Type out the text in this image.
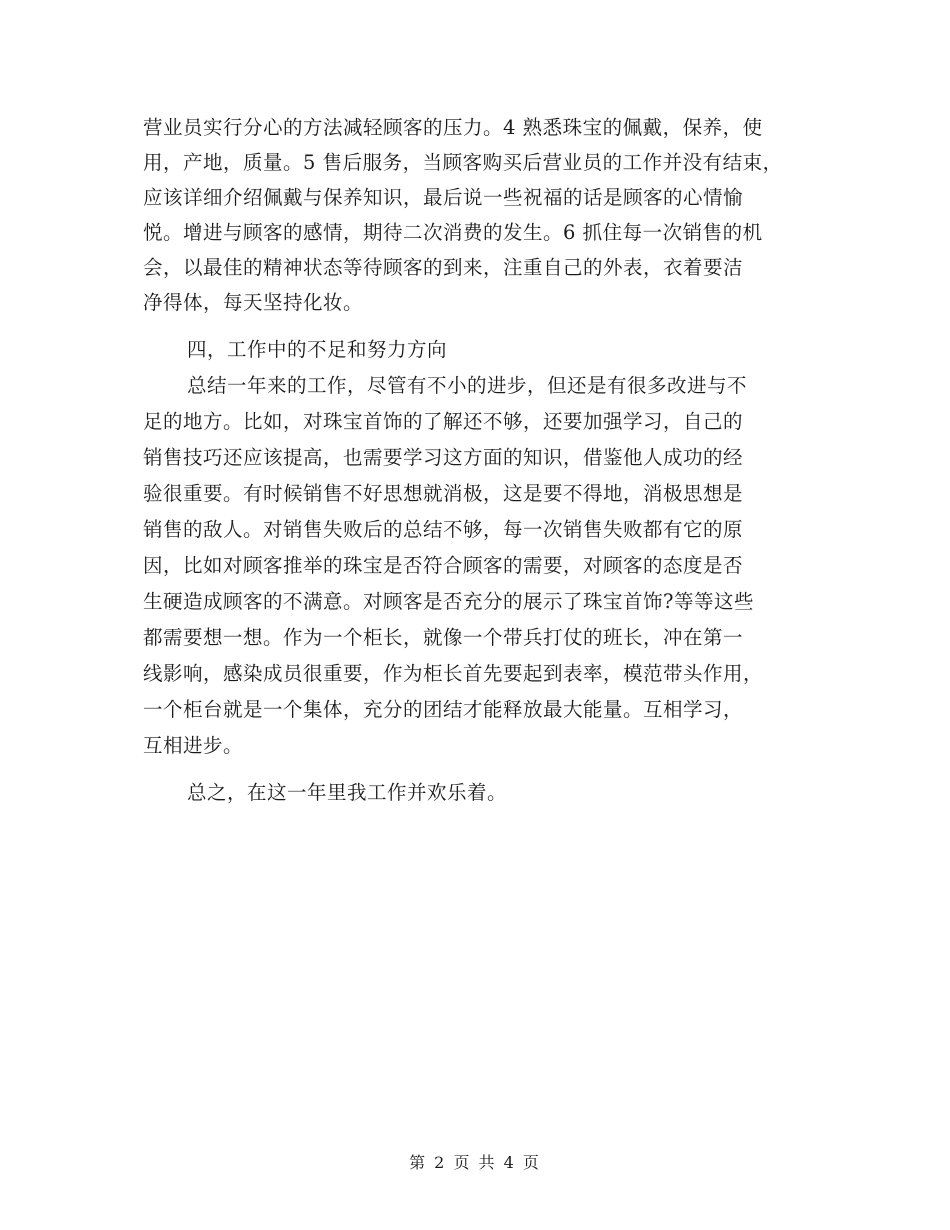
营业员实行分心的方法减轻顾客的压力。4 熟悉珠宝的佩戴，保养，使
用，产地，质量。5 售后服务，当顾客购买后营业员的工作并没有结束，
应该详细介绍佩戴与保养知识，最后说一些祝福的话是顾客的心情愉
悦。增进与顾客的感情，期待二次消费的发生。6 抓住每一次销售的机
会，以最佳的精神状态等待顾客的到来，注重自己的外表，衣着要洁
净得体，每天坚持化妆。
四，工作中的不足和努力方向
总结一年来的工作，尽管有不小的进步，但还是有很多改进与不
足的地方。比如，对珠宝首饰的了解还不够，还要加强学习，自己的
销售技巧还应该提高，也需要学习这方面的知识，借鉴他人成功的经
验很重要。有时候销售不好思想就消极，这是要不得地，消极思想是
销售的敌人。对销售失败后的总结不够，每一次销售失败都有它的原
因，比如对顾客推举的珠宝是否符合顾客的需要，对顾客的态度是否
生硬造成顾客的不满意。对顾客是否充分的展示了珠宝首饰?等等这些
都需要想一想。作为一个柜长，就像一个带兵打仗的班长，冲在第一
线影响，感染成员很重要，作为柜长首先要起到表率，模范带头作用，
一个柜台就是一个集体，充分的团结才能释放最大能量。互相学习，
互相进步。
总之，在这一年里我工作并欢乐着。
第 2 页 共 4 页
